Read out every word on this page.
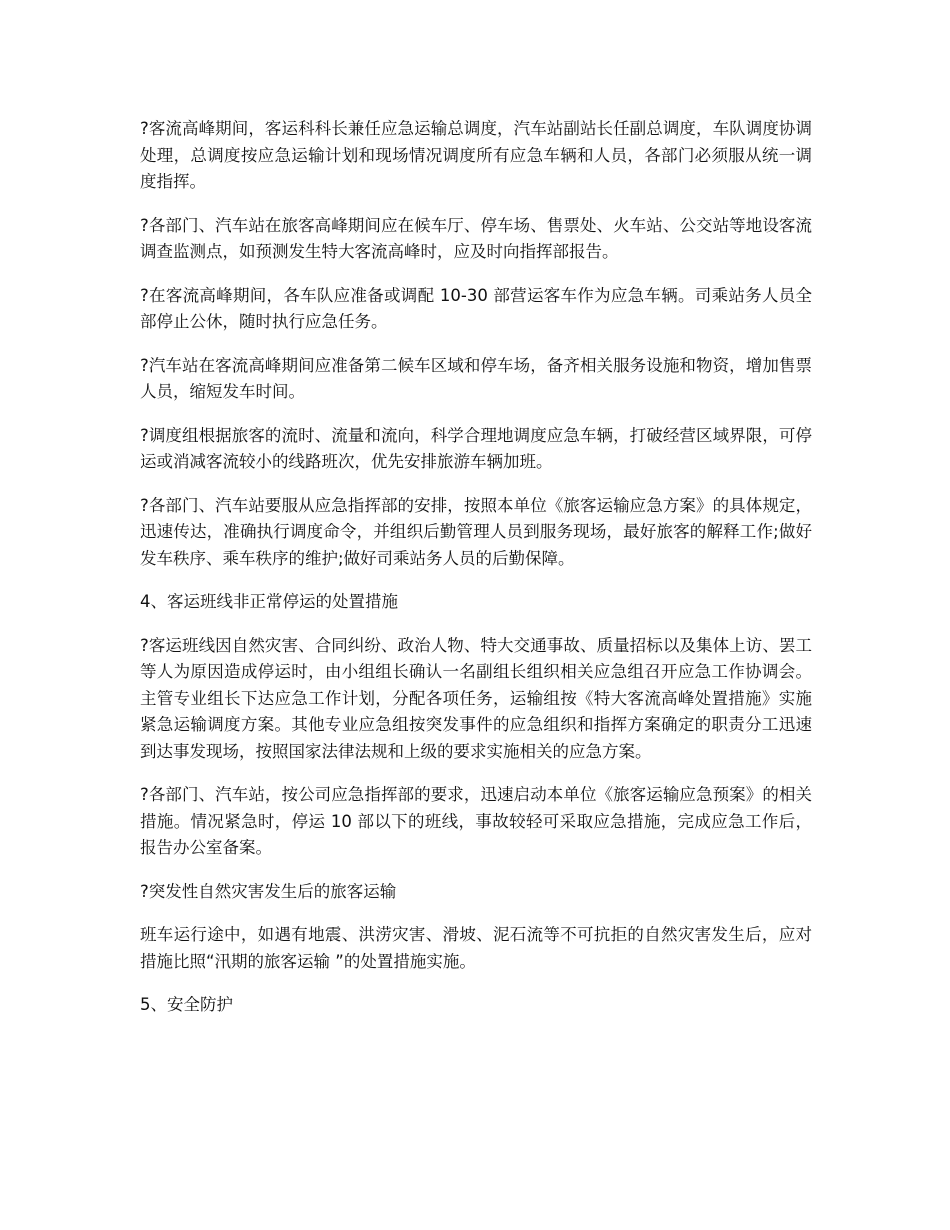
?客流高峰期间，客运科科长兼任应急运输总调度，汽车站副站长任副总调度，车队调度协调处理，总调度按应急运输计划和现场情况调度所有应急车辆和人员，各部门必须服从统一调度指挥。

?各部门、汽车站在旅客高峰期间应在候车厅、停车场、售票处、火车站、公交站等地设客流调查监测点，如预测发生特大客流高峰时，应及时向指挥部报告。

?在客流高峰期间，各车队应准备或调配 10-30 部营运客车作为应急车辆。司乘站务人员全部停止公休，随时执行应急任务。

?汽车站在客流高峰期间应准备第二候车区域和停车场，备齐相关服务设施和物资，增加售票人员，缩短发车时间。

?调度组根据旅客的流时、流量和流向，科学合理地调度应急车辆，打破经营区域界限，可停运或消减客流较小的线路班次，优先安排旅游车辆加班。

?各部门、汽车站要服从应急指挥部的安排，按照本单位《旅客运输应急方案》的具体规定，迅速传达，准确执行调度命令，并组织后勤管理人员到服务现场，最好旅客的解释工作;做好发车秩序、乘车秩序的维护;做好司乘站务人员的后勤保障。

4、客运班线非正常停运的处置措施

?客运班线因自然灾害、合同纠纷、政治人物、特大交通事故、质量招标以及集体上访、罢工等人为原因造成停运时，由小组组长确认一名副组长组织相关应急组召开应急工作协调会。主管专业组长下达应急工作计划，分配各项任务，运输组按《特大客流高峰处置措施》实施紧急运输调度方案。其他专业应急组按突发事件的应急组织和指挥方案确定的职责分工迅速到达事发现场，按照国家法律法规和上级的要求实施相关的应急方案。

?各部门、汽车站，按公司应急指挥部的要求，迅速启动本单位《旅客运输应急预案》的相关措施。情况紧急时，停运 10 部以下的班线，事故较轻可采取应急措施，完成应急工作后，报告办公室备案。

?突发性自然灾害发生后的旅客运输

班车运行途中，如遇有地震、洪涝灾害、滑坡、泥石流等不可抗拒的自然灾害发生后，应对措施比照“汛期的旅客运输 ”的处置措施实施。

5、安全防护
